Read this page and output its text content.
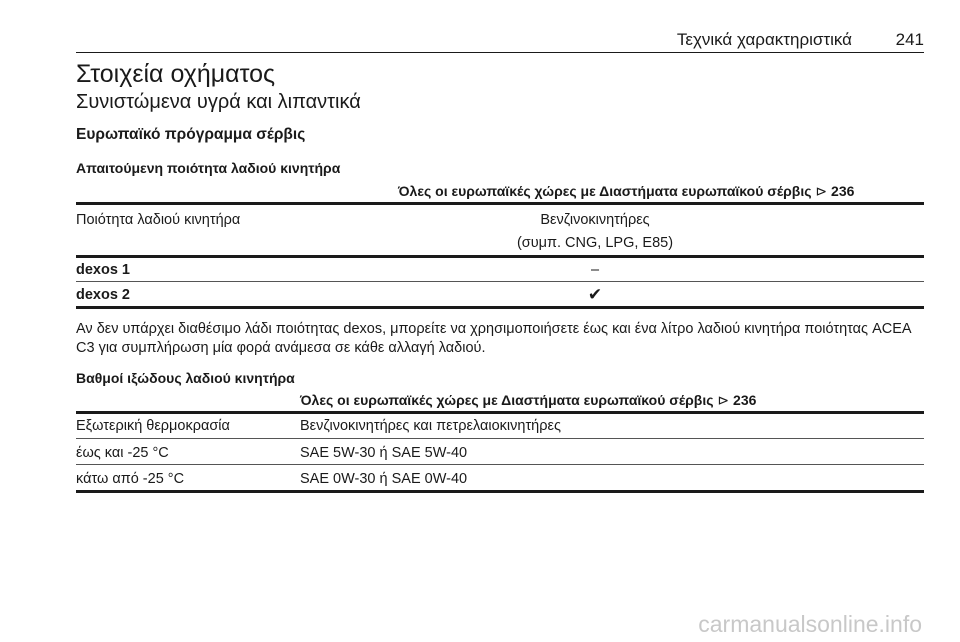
Τεχνικά χαρακτηριστικά	241
Στοιχεία οχήματος
Συνιστώμενα υγρά και λιπαντικά
Ευρωπαϊκό πρόγραμμα σέρβις
Απαιτούμενη ποιότητα λαδιού κινητήρα
Όλες οι ευρωπαϊκές χώρες με Διαστήματα ευρωπαϊκού σέρβις ⊳ 236
Ποιότητα λαδιού κινητήρα	Βενζινοκινητήρες
(συμπ. CNG, LPG, E85)
dexos 1	–
dexos 2	✔

Αν δεν υπάρχει διαθέσιμο λάδι ποιότητας dexos, μπορείτε να χρησιμοποιήσετε έως και ένα λίτρο λαδιού κινητήρα ποιότητας ACEA C3 για συμπλήρωση μία φορά ανάμεσα σε κάθε αλλαγή λαδιού.

Βαθμοί ιξώδους λαδιού κινητήρα
Όλες οι ευρωπαϊκές χώρες με Διαστήματα ευρωπαϊκού σέρβις ⊳ 236
Εξωτερική θερμοκρασία	Βενζινοκινητήρες και πετρελαιοκινητήρες
έως και -25 °C	SAE 5W-30 ή SAE 5W-40
κάτω από -25 °C	SAE 0W-30 ή SAE 0W-40
carmanualsonline.info
